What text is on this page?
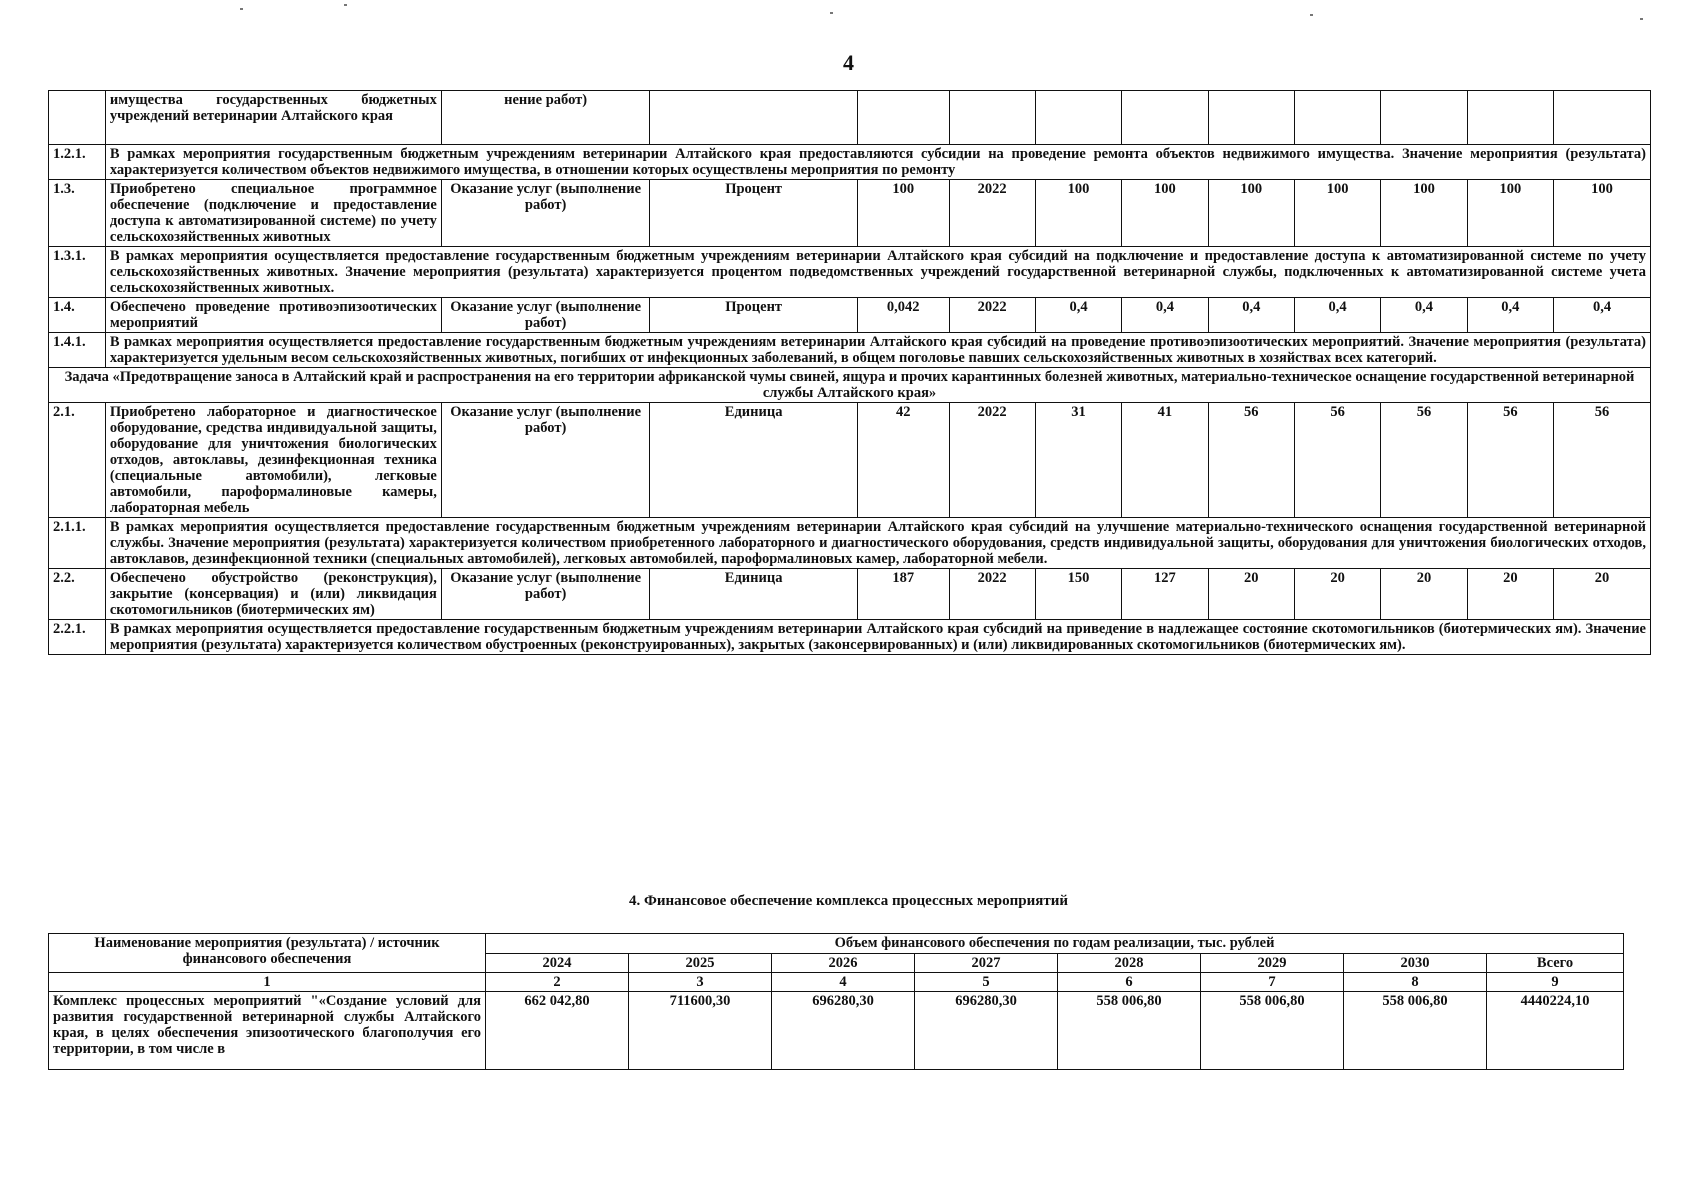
4
	имущества государственных бюджетных учреждений ветеринарии Алтайского края	нение работ)										
1.2.1.	В рамках мероприятия государственным бюджетным учреждениям ветеринарии Алтайского края предоставляются субсидии на проведение ремонта объектов недвижимого имущества. Значение мероприятия (результата) характеризуется количеством объектов недвижимого имущества, в отношении которых осуществлены мероприятия по ремонту											
1.3.	Приобретено специальное программное обеспечение (подключение и предоставление доступа к автоматизированной системе) по учету сельскохозяйственных животных	Оказание услуг (выполнение работ)	Процент	100	2022	100	100	100	100	100	100	100
1.3.1.	В рамках мероприятия осуществляется предоставление государственным бюджетным учреждениям ветеринарии Алтайского края субсидий на подключение и предоставление доступа к автоматизированной системе по учету сельскохозяйственных животных. Значение мероприятия (результата) характеризуется процентом подведомственных учреждений государственной ветеринарной службы, подключенных к автоматизированной системе учета сельскохозяйственных животных.											
1.4.	Обеспечено проведение противоэпизоотических мероприятий	Оказание услуг (выполнение работ)	Процент	0,042	2022	0,4	0,4	0,4	0,4	0,4	0,4	0,4
1.4.1.	В рамках мероприятия осуществляется предоставление государственным бюджетным учреждениям ветеринарии Алтайского края субсидий на проведение противоэпизоотических мероприятий. Значение мероприятия (результата) характеризуется удельным весом сельскохозяйственных животных, погибших от инфекционных заболеваний, в общем поголовье павших сельскохозяйственных животных в хозяйствах всех категорий.											
Задача «Предотвращение заноса в Алтайский край и распространения на его территории африканской чумы свиней, ящура и прочих карантинных болезней животных, материально-техническое оснащение государственной ветеринарной службы Алтайского края»												
2.1.	Приобретено лабораторное и диагностическое оборудование, средства индивидуальной защиты, оборудование для уничтожения биологических отходов, автоклавы, дезинфекционная техника (специальные автомобили), легковые автомобили, пароформалиновые камеры, лабораторная мебель	Оказание услуг (выполнение работ)	Единица	42	2022	31	41	56	56	56	56	56
2.1.1.	В рамках мероприятия осуществляется предоставление государственным бюджетным учреждениям ветеринарии Алтайского края субсидий на улучшение материально-технического оснащения государственной ветеринарной службы. Значение мероприятия (результата) характеризуется количеством приобретенного лабораторного и диагностического оборудования, средств индивидуальной защиты, оборудования для уничтожения биологических отходов, автоклавов, дезинфекционной техники (специальных автомобилей), легковых автомобилей, пароформалиновых камер, лабораторной мебели.											
2.2.	Обеспечено обустройство (реконструкция), закрытие (консервация) и (или) ликвидация скотомогильников (биотермических ям)	Оказание услуг (выполнение работ)	Единица	187	2022	150	127	20	20	20	20	20
2.2.1.	В рамках мероприятия осуществляется предоставление государственным бюджетным учреждениям ветеринарии Алтайского края субсидий на приведение в надлежащее состояние скотомогильников (биотермических ям). Значение мероприятия (результата) характеризуется количеством обустроенных (реконструированных), закрытых (законсервированных) и (или) ликвидированных скотомогильников (биотермических ям).											
4. Финансовое обеспечение комплекса процессных мероприятий
Наименование мероприятия (результата) / источник финансового обеспечения	Объем финансового обеспечения по годам реализации, тыс. рублей							
	2024	2025	2026	2027	2028	2029	2030	Всего
1	2	3	4	5	6	7	8	9
Комплекс процессных мероприятий "«Создание условий для развития государственной ветеринарной службы Алтайского края, в целях обеспечения эпизоотического благополучия его территории, в том числе в	662 042,80	711600,30	696280,30	696280,30	558 006,80	558 006,80	558 006,80	4440224,10
